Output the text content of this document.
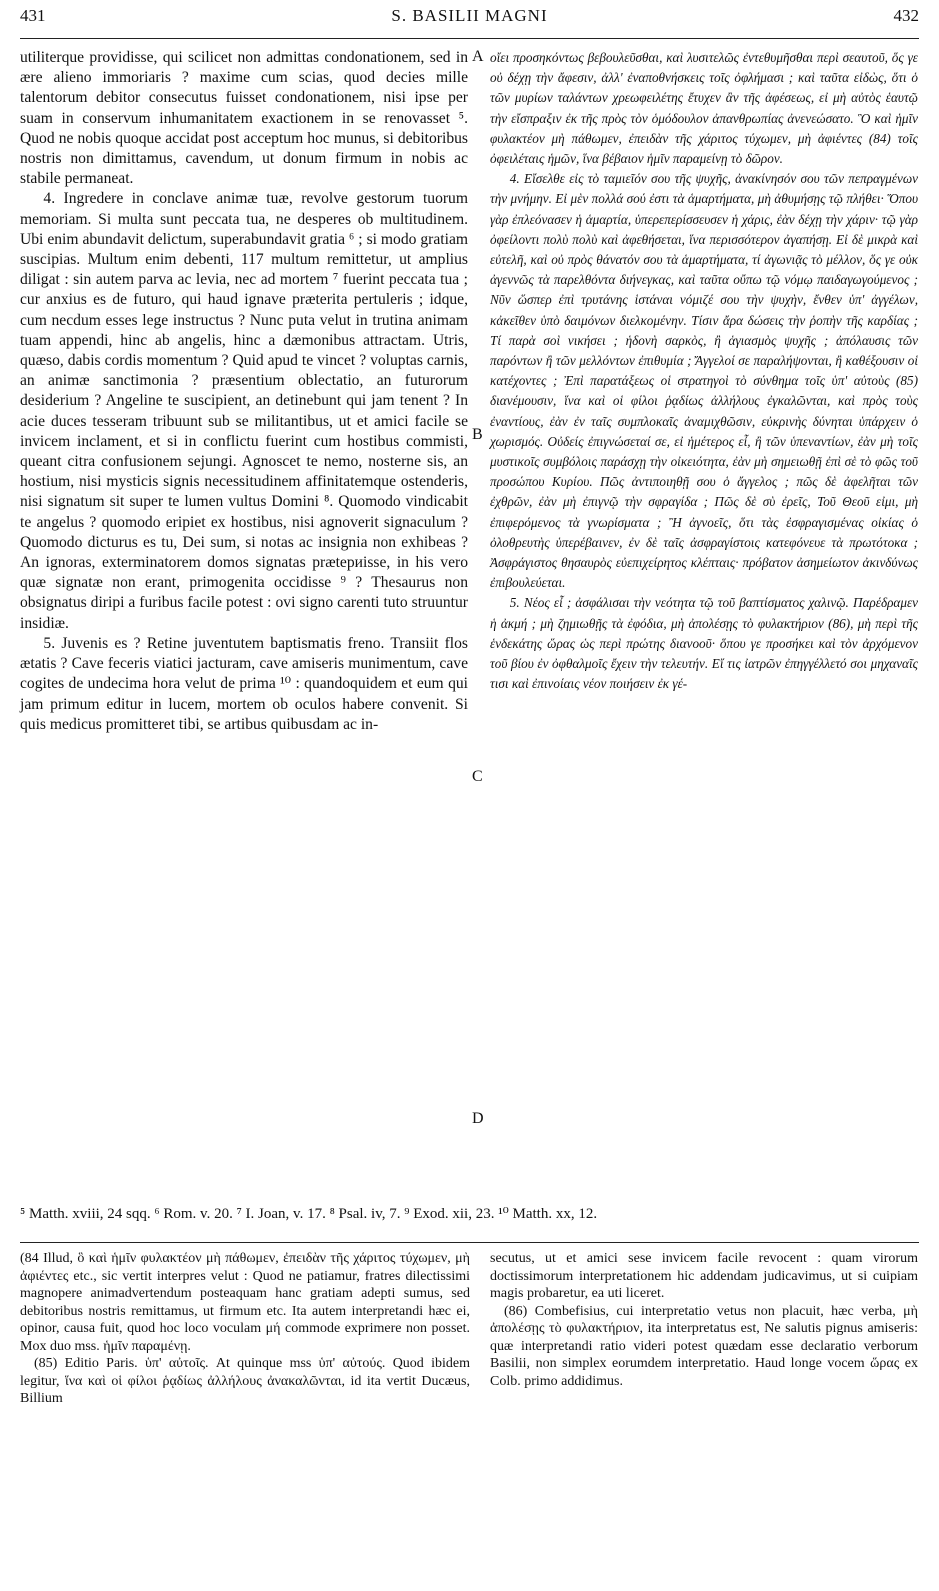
431	S. BASILII MAGNI	432

utiliterque providisse, qui scilicet non admittas condonationem, sed in ære alieno immoriaris ? maxime cum scias, quod decies mille talentorum debitor consecutus fuisset condonationem, nisi ipse per suam in conservum inhumanitatem exactionem in se renovasset ⁵. Quod ne nobis quoque accidat post acceptum hoc munus, si debitoribus nostris non dimittamus, cavendum, ut donum firmum in nobis ac stabile permaneat.

4. Ingredere in conclave animæ tuæ, revolve gestorum tuorum memoriam. Si multa sunt peccata tua, ne desperes ob multitudinem. Ubi enim abundavit delictum, superabundavit gratia ⁶ ; si modo gratiam suscipias. Multum enim debenti, 117 multum remittetur, ut amplius diligat : sin autem parva ac levia, nec ad mortem ⁷ fuerint peccata tua ; cur anxius es de futuro, qui haud ignave præterita pertuleris ; idque, cum necdum esses lege instructus ? Nunc puta velut in trutina animam tuam appendi, hinc ab angelis, hinc a dæmonibus attractam. Utris, quæso, dabis cordis momentum ? Quid apud te vincet ? voluptas carnis, an animæ sanctimonia ? præsentium oblectatio, an futurorum desiderium ? Angeline te suscipient, an detinebunt qui jam tenent ? In acie duces tesseram tribuunt sub se militantibus, ut et amici facile se invicem inclament, et si in conflictu fuerint cum hostibus commisti, queant citra confusionem sejungi. Agnoscet te nemo, nosterne sis, an hostium, nisi mysticis signis necessitudinem affinitatemque ostenderis, nisi signatum sit super te lumen vultus Domini ⁸. Quomodo vindicabit te angelus ? quomodo eripiet ex hostibus, nisi agnoverit signaculum ? Quomodo dicturus es tu, Dei sum, si notas ac insignia non exhibeas ? An ignoras, exterminatorem domos signatas prætериisse, in his vero quæ signatæ non erant, primogenita occidisse ⁹ ? Thesaurus non obsignatus diripi a furibus facile potest : ovi signo carenti tuto struuntur insidiæ.

5. Juvenis es ? Retine juventutem baptismatis freno. Transiit flos ætatis ? Cave feceris viatici jacturam, cave amiseris munimentum, cave cogites de undecima hora velut de prima ¹⁰ : quandoquidem et eum qui jam primum editur in lucem, mortem ob oculos habere convenit. Si quis medicus promitteret tibi, se artibus quibusdam ac in-

A
B
C
D

οἴει προσηκόντως βεβουλεῦσθαι, καὶ λυσιτελῶς ἐντεθυμῆσθαι περὶ σεαυτοῦ, ὅς γε οὐ δέχῃ τὴν ἄφεσιν, ἀλλ' ἐναποθνήσκεις τοῖς ὀφλήμασι ; καὶ ταῦτα εἰδὼς, ὅτι ὁ τῶν μυρίων ταλάντων χρεωφειλέτης ἔτυχεν ἂν τῆς ἀφέσεως, εἰ μὴ αὐτὸς ἑαυτῷ τὴν εἴσπραξιν ἐκ τῆς πρὸς τὸν ὁμόδουλον ἀπανθρωπίας ἀνενεώσατο. Ὃ καὶ ἡμῖν φυλακτέον μὴ πάθωμεν, ἐπειδὰν τῆς χάριτος τύχωμεν, μὴ ἀφιέντες (84) τοῖς ὀφειλέταις ἡμῶν, ἵνα βέβαιον ἡμῖν παραμείνῃ τὸ δῶρον.

4. Εἴσελθε εἰς τὸ ταμιεῖόν σου τῆς ψυχῆς, ἀνακίνησόν σου τῶν πεπραγμένων τὴν μνήμην. Εἰ μὲν πολλά σού ἐστι τὰ ἁμαρτήματα, μὴ ἀθυμήσῃς τῷ πλήθει· Ὅπου γὰρ ἐπλεόνασεν ἡ ἁμαρτία, ὑπερεπερίσσευσεν ἡ χάρις, ἐὰν δέχῃ τὴν χάριν· τῷ γὰρ ὀφείλοντι πολὺ πολὺ καὶ ἀφεθήσεται, ἵνα περισσότερον ἀγαπήσῃ. Εἰ δὲ μικρὰ καὶ εὐτελῆ, καὶ οὐ πρὸς θάνατόν σου τὰ ἁμαρτήματα, τί ἀγωνιᾷς τὸ μέλλον, ὅς γε οὐκ ἀγεννῶς τὰ παρελθόντα διήνεγκας, καὶ ταῦτα οὔπω τῷ νόμῳ παιδαγωγούμενος ; Νῦν ὥσπερ ἐπὶ τρυτάνης ἱστάναι νόμιζέ σου τὴν ψυχὴν, ἔνθεν ὑπ' ἀγγέλων, κἀκεῖθεν ὑπὸ δαιμόνων διελκομένην. Τίσιν ἄρα δώσεις τὴν ῥοπὴν τῆς καρδίας ; Τί παρὰ σοὶ νικήσει ; ἡδονὴ σαρκὸς, ἢ ἁγιασμὸς ψυχῆς ; ἀπόλαυσις τῶν παρόντων ἢ τῶν μελλόντων ἐπιθυμία ; Ἄγγελοί σε παραλήψονται, ἢ καθέξουσιν οἱ κατέχοντες ; Ἐπὶ παρατάξεως οἱ στρατηγοὶ τὸ σύνθημα τοῖς ὑπ' αὐτοὺς (85) διανέμουσιν, ἵνα καὶ οἱ φίλοι ῥᾳδίως ἀλλήλους ἐγκαλῶνται, καὶ πρὸς τοὺς ἐναντίους, ἐὰν ἐν ταῖς συμπλοκαῖς ἀναμιχθῶσιν, εὐκρινὴς δύνηται ὑπάρχειν ὁ χωρισμός. Οὐδείς ἐπιγνώσεταί σε, εἰ ἡμέτερος εἶ, ἢ τῶν ὑπεναντίων, ἐὰν μὴ τοῖς μυστικοῖς συμβόλοις παράσχῃ τὴν οἰκειότητα, ἐὰν μὴ σημειωθῇ ἐπὶ σὲ τὸ φῶς τοῦ προσώπου Κυρίου. Πῶς ἀντιποιηθῇ σου ὁ ἄγγελος ; πῶς δὲ ἀφελῆται τῶν ἐχθρῶν, ἐὰν μὴ ἐπιγνῷ τὴν σφραγίδα ; Πῶς δὲ σὺ ἐρεῖς, Τοῦ Θεοῦ εἰμι, μὴ ἐπιφερόμενος τὰ γνωρίσματα ; Ἢ ἀγνοεῖς, ὅτι τὰς ἐσφραγισμένας οἰκίας ὁ ὀλοθρευτὴς ὑπερέβαινεν, ἐν δὲ ταῖς ἀσφραγίστοις κατεφόνευε τὰ πρωτότοκα ; Ἀσφράγιστος θησαυρὸς εὐεπιχείρητος κλέπταις· πρόβατον ἀσημείωτον ἀκινδύνως ἐπιβουλεύεται.

5. Νέος εἶ ; ἀσφάλισαι τὴν νεότητα τῷ τοῦ βαπτίσματος χαλινῷ. Παρέδραμεν ἡ ἀκμή ; μὴ ζημιωθῇς τὰ ἐφόδια, μὴ ἀπολέσῃς τὸ φυλακτήριον (86), μὴ περὶ τῆς ἑνδεκάτης ὥρας ὡς περὶ πρώτης διανοοῦ· ὅπου γε προσήκει καὶ τὸν ἀρχόμενον τοῦ βίου ἐν ὀφθαλμοῖς ἔχειν τὴν τελευτήν. Εἴ τις ἰατρῶν ἐπηγγέλλετό σοι μηχαναῖς τισι καὶ ἐπινοίαις νέον ποιήσειν ἐκ γέ-

⁵ Matth. xviii, 24 sqq. ⁶ Rom. v. 20. ⁷ I. Joan, v. 17. ⁸ Psal. iv, 7. ⁹ Exod. xii, 23. ¹⁰ Matth. xx, 12.

(84 Illud, ὃ καὶ ἡμῖν φυλακτέον μὴ πάθωμεν, ἐπειδὰν τῆς χάριτος τύχωμεν, μὴ ἀφιέντες etc., sic vertit interpres velut : Quod ne patiamur, fratres dilectissimi magnopere animadvertendum posteaquam hanc gratiam adepti sumus, sed debitoribus nostris remittamus, ut firmum etc. Ita autem interpretandi hæc ei, opinor, causa fuit, quod hoc loco voculam μή commode exprimere non posset. Mox duo mss. ἡμῖν παραμένῃ.

(85) Editio Paris. ὑπ' αὐτοῖς. At quinque mss ὑπ' αὐτούς. Quod ibidem legitur, ἵνα καὶ οἱ φίλοι ῥᾳδίως ἀλλήλους ἀνακαλῶνται, id ita vertit Ducæus, Billium

secutus, ut et amici sese invicem facile revocent : quam virorum doctissimorum interpretationem hic addendam judicavimus, ut si cuipiam magis probaretur, ea uti liceret.

(86) Combefisius, cui interpretatio vetus non placuit, hæc verba, μὴ ἀπολέσῃς τὸ φυλακτήριον, ita interpretatus est, Ne salutis pignus amiseris: quæ interpretandi ratio videri potest quædam esse declaratio verborum Basilii, non simplex eorumdem interpretatio. Haud longe vocem ὥρας ex Colb. primo addidimus.
